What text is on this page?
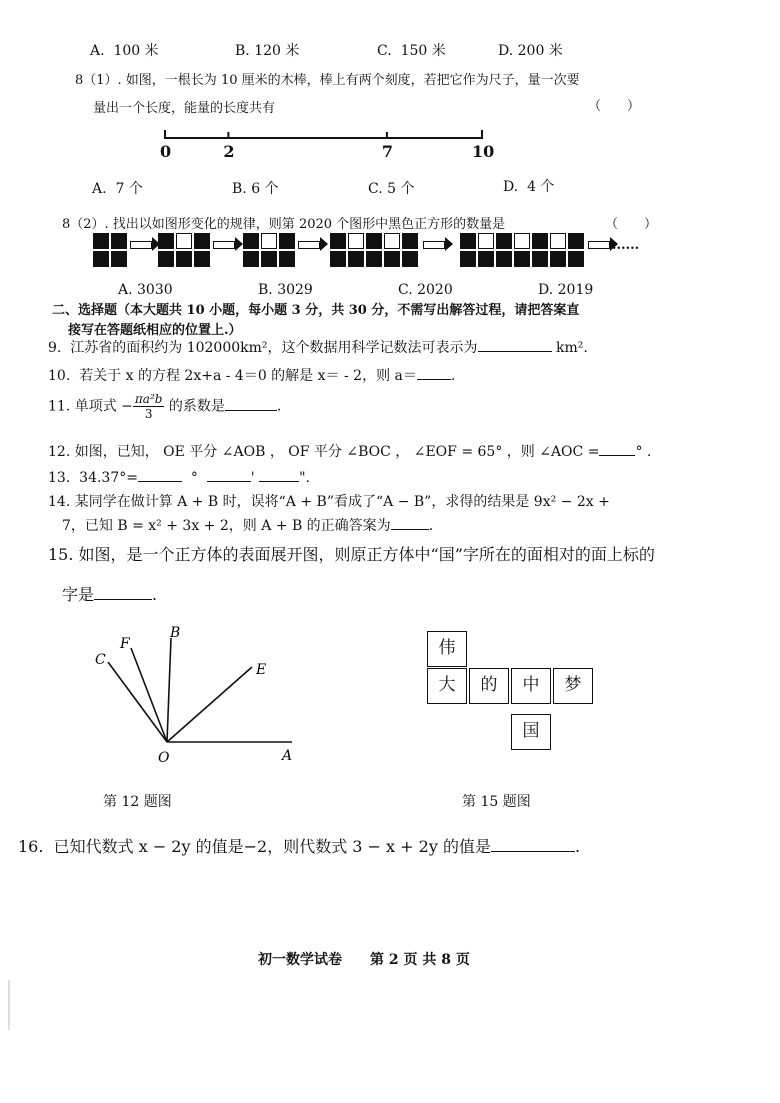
A.  100 米	B. 120 米	C.  150 米	D. 200 米
8（1）. 如图，一根长为 10 厘米的木棒，棒上有两个刻度，若把它作为尺子，量一次要
量出一个长度，能量的长度共有	（　　）
0	2	7	10
A.  7 个	B. 6 个	C. 5 个	D.  4 个
8（2）. 找出以如图形变化的规律，则第 2020 个图形中黑色正方形的数量是	（　　）
......
A. 3030	B. 3029	C. 2020	D. 2019
二、选择题（本大题共 10 小题，每小题 3 分，共 30 分，不需写出解答过程，请把答案直
接写在答题纸相应的位置上.）
9.  江苏省的面积约为 102000km²，这个数据用科学记数法可表示为	km².
10.  若关于 x 的方程 2x+a - 4＝0 的解是 x＝ - 2，则 a＝ .
11. 单项式 − $\frac{\text{πa²b}}{3}$ 的系数是	.
12. 如图，已知， OE 平分 ∠AOB ， OF 平分 ∠BOC ， ∠EOF = 65° ，则 ∠AOC =	° .
13.  34.37°=	°	'	".
14. 某同学在做计算 A + B 时，误将“A + B”看成了“A − B”，求得的结果是 9x² − 2x +
7，已知 B = x² + 3x + 2，则 A + B 的正确答案为	.
15. 如图，是一个正方体的表面展开图，则原正方体中“国”字所在的面相对的面上标的
字是	.
C
F
B
E
O	A
第 12 题图
伟
大	的	中	梦
国
第 15 题图
16.  已知代数式 x − 2y 的值是−2，则代数式 3 − x + 2y 的值是	.
初一数学试卷　　第 2 页 共 8 页
